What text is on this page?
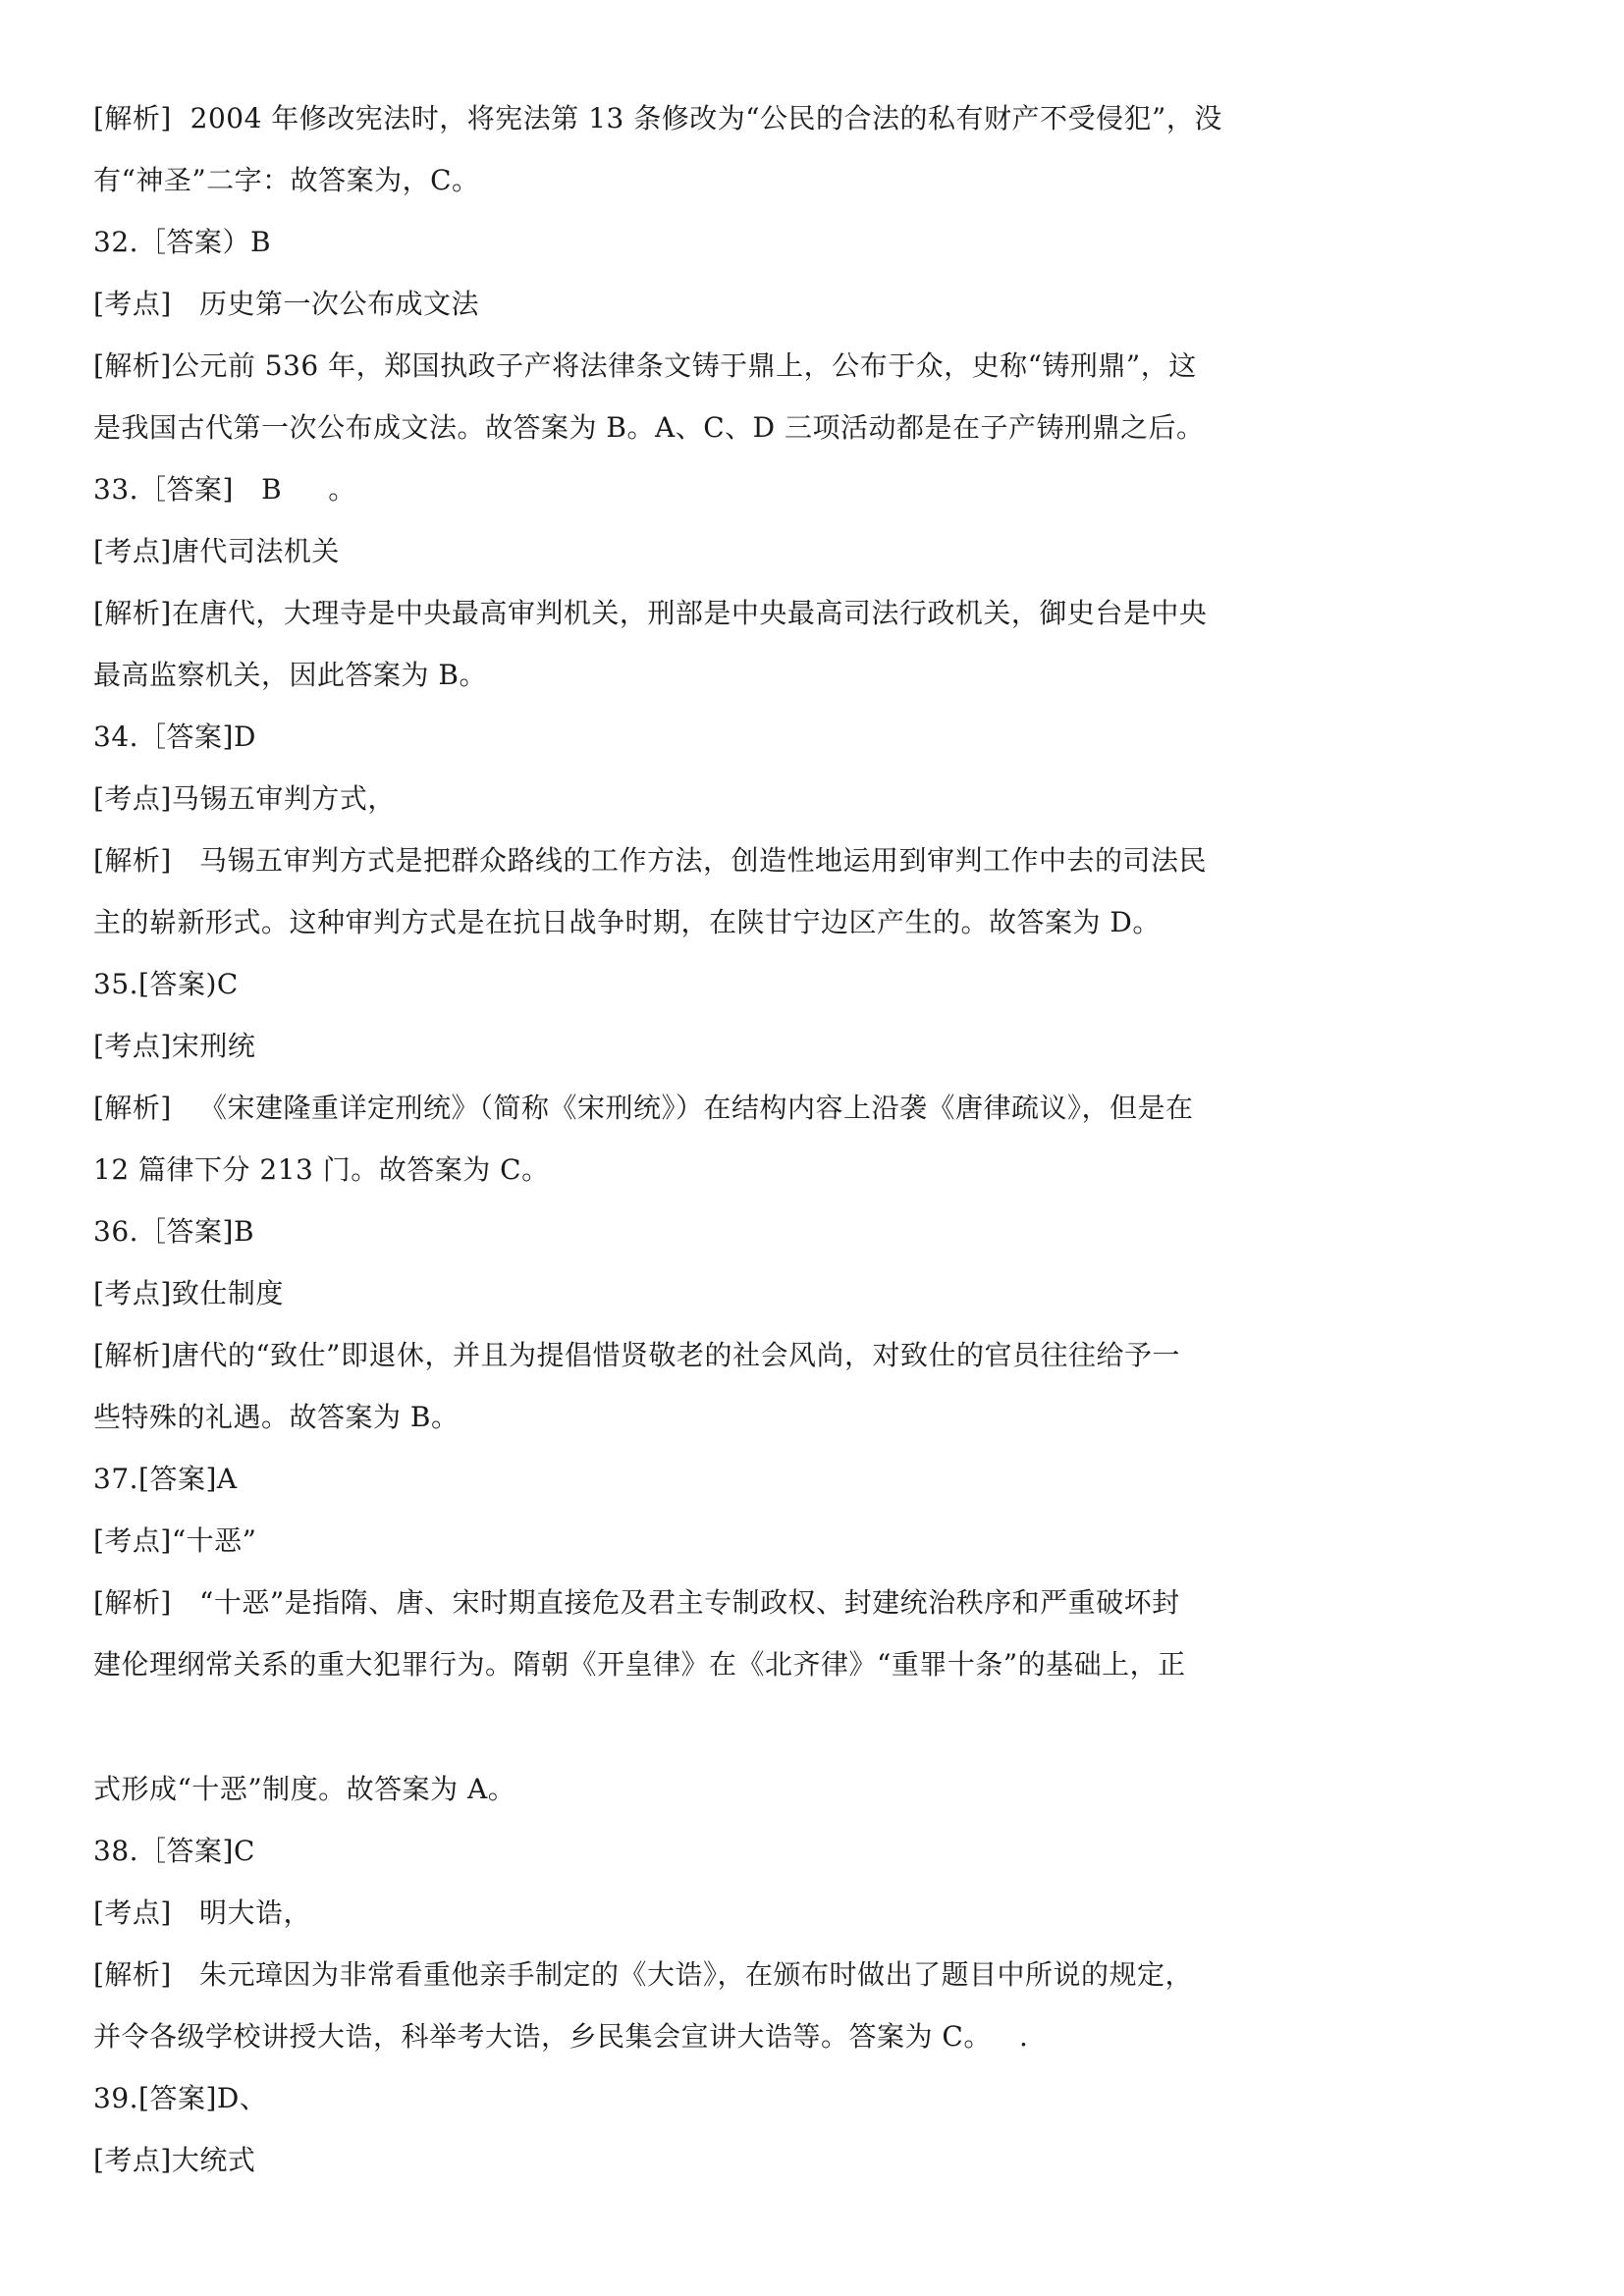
[解析]  2004 年修改宪法时，将宪法第 13 条修改为“公民的合法的私有财产不受侵犯”，没
有“神圣”二字：故答案为，C。
32.［答案）B
[考点]   历史第一次公布成文法
[解析]公元前 536 年，郑国执政子产将法律条文铸于鼎上，公布于众，史称“铸刑鼎”，这
是我国古代第一次公布成文法。故答案为 B。A、C、D 三项活动都是在子产铸刑鼎之后。
33.［答案]   B     。
[考点]唐代司法机关
[解析]在唐代，大理寺是中央最高审判机关，刑部是中央最高司法行政机关，御史台是中央
最高监察机关，因此答案为 B。
34.［答案]D
[考点]马锡五审判方式，
[解析]   马锡五审判方式是把群众路线的工作方法，创造性地运用到审判工作中去的司法民
主的崭新形式。这种审判方式是在抗日战争时期，在陕甘宁边区产生的。故答案为 D。
35.[答案)C
[考点]宋刑统
[解析]   《宋建隆重详定刑统》（简称《宋刑统》）在结构内容上沿袭《唐律疏议》，但是在
12 篇律下分 213 门。故答案为 C。
36.［答案]B
[考点]致仕制度
[解析]唐代的“致仕”即退休，并且为提倡惜贤敬老的社会风尚，对致仕的官员往往给予一
些特殊的礼遇。故答案为 B。
37.[答案]A
[考点]“十恶”
[解析]   “十恶”是指隋、唐、宋时期直接危及君主专制政权、封建统治秩序和严重破坏封
建伦理纲常关系的重大犯罪行为。隋朝《开皇律》在《北齐律》“重罪十条”的基础上，正
式形成“十恶”制度。故答案为 A。
38.［答案]C
[考点]   明大诰，
[解析]   朱元璋因为非常看重他亲手制定的《大诰》，在颁布时做出了题目中所说的规定，
并令各级学校讲授大诰，科举考大诰，乡民集会宣讲大诰等。答案为 C。   .
39.[答案]D、
[考点]大统式
